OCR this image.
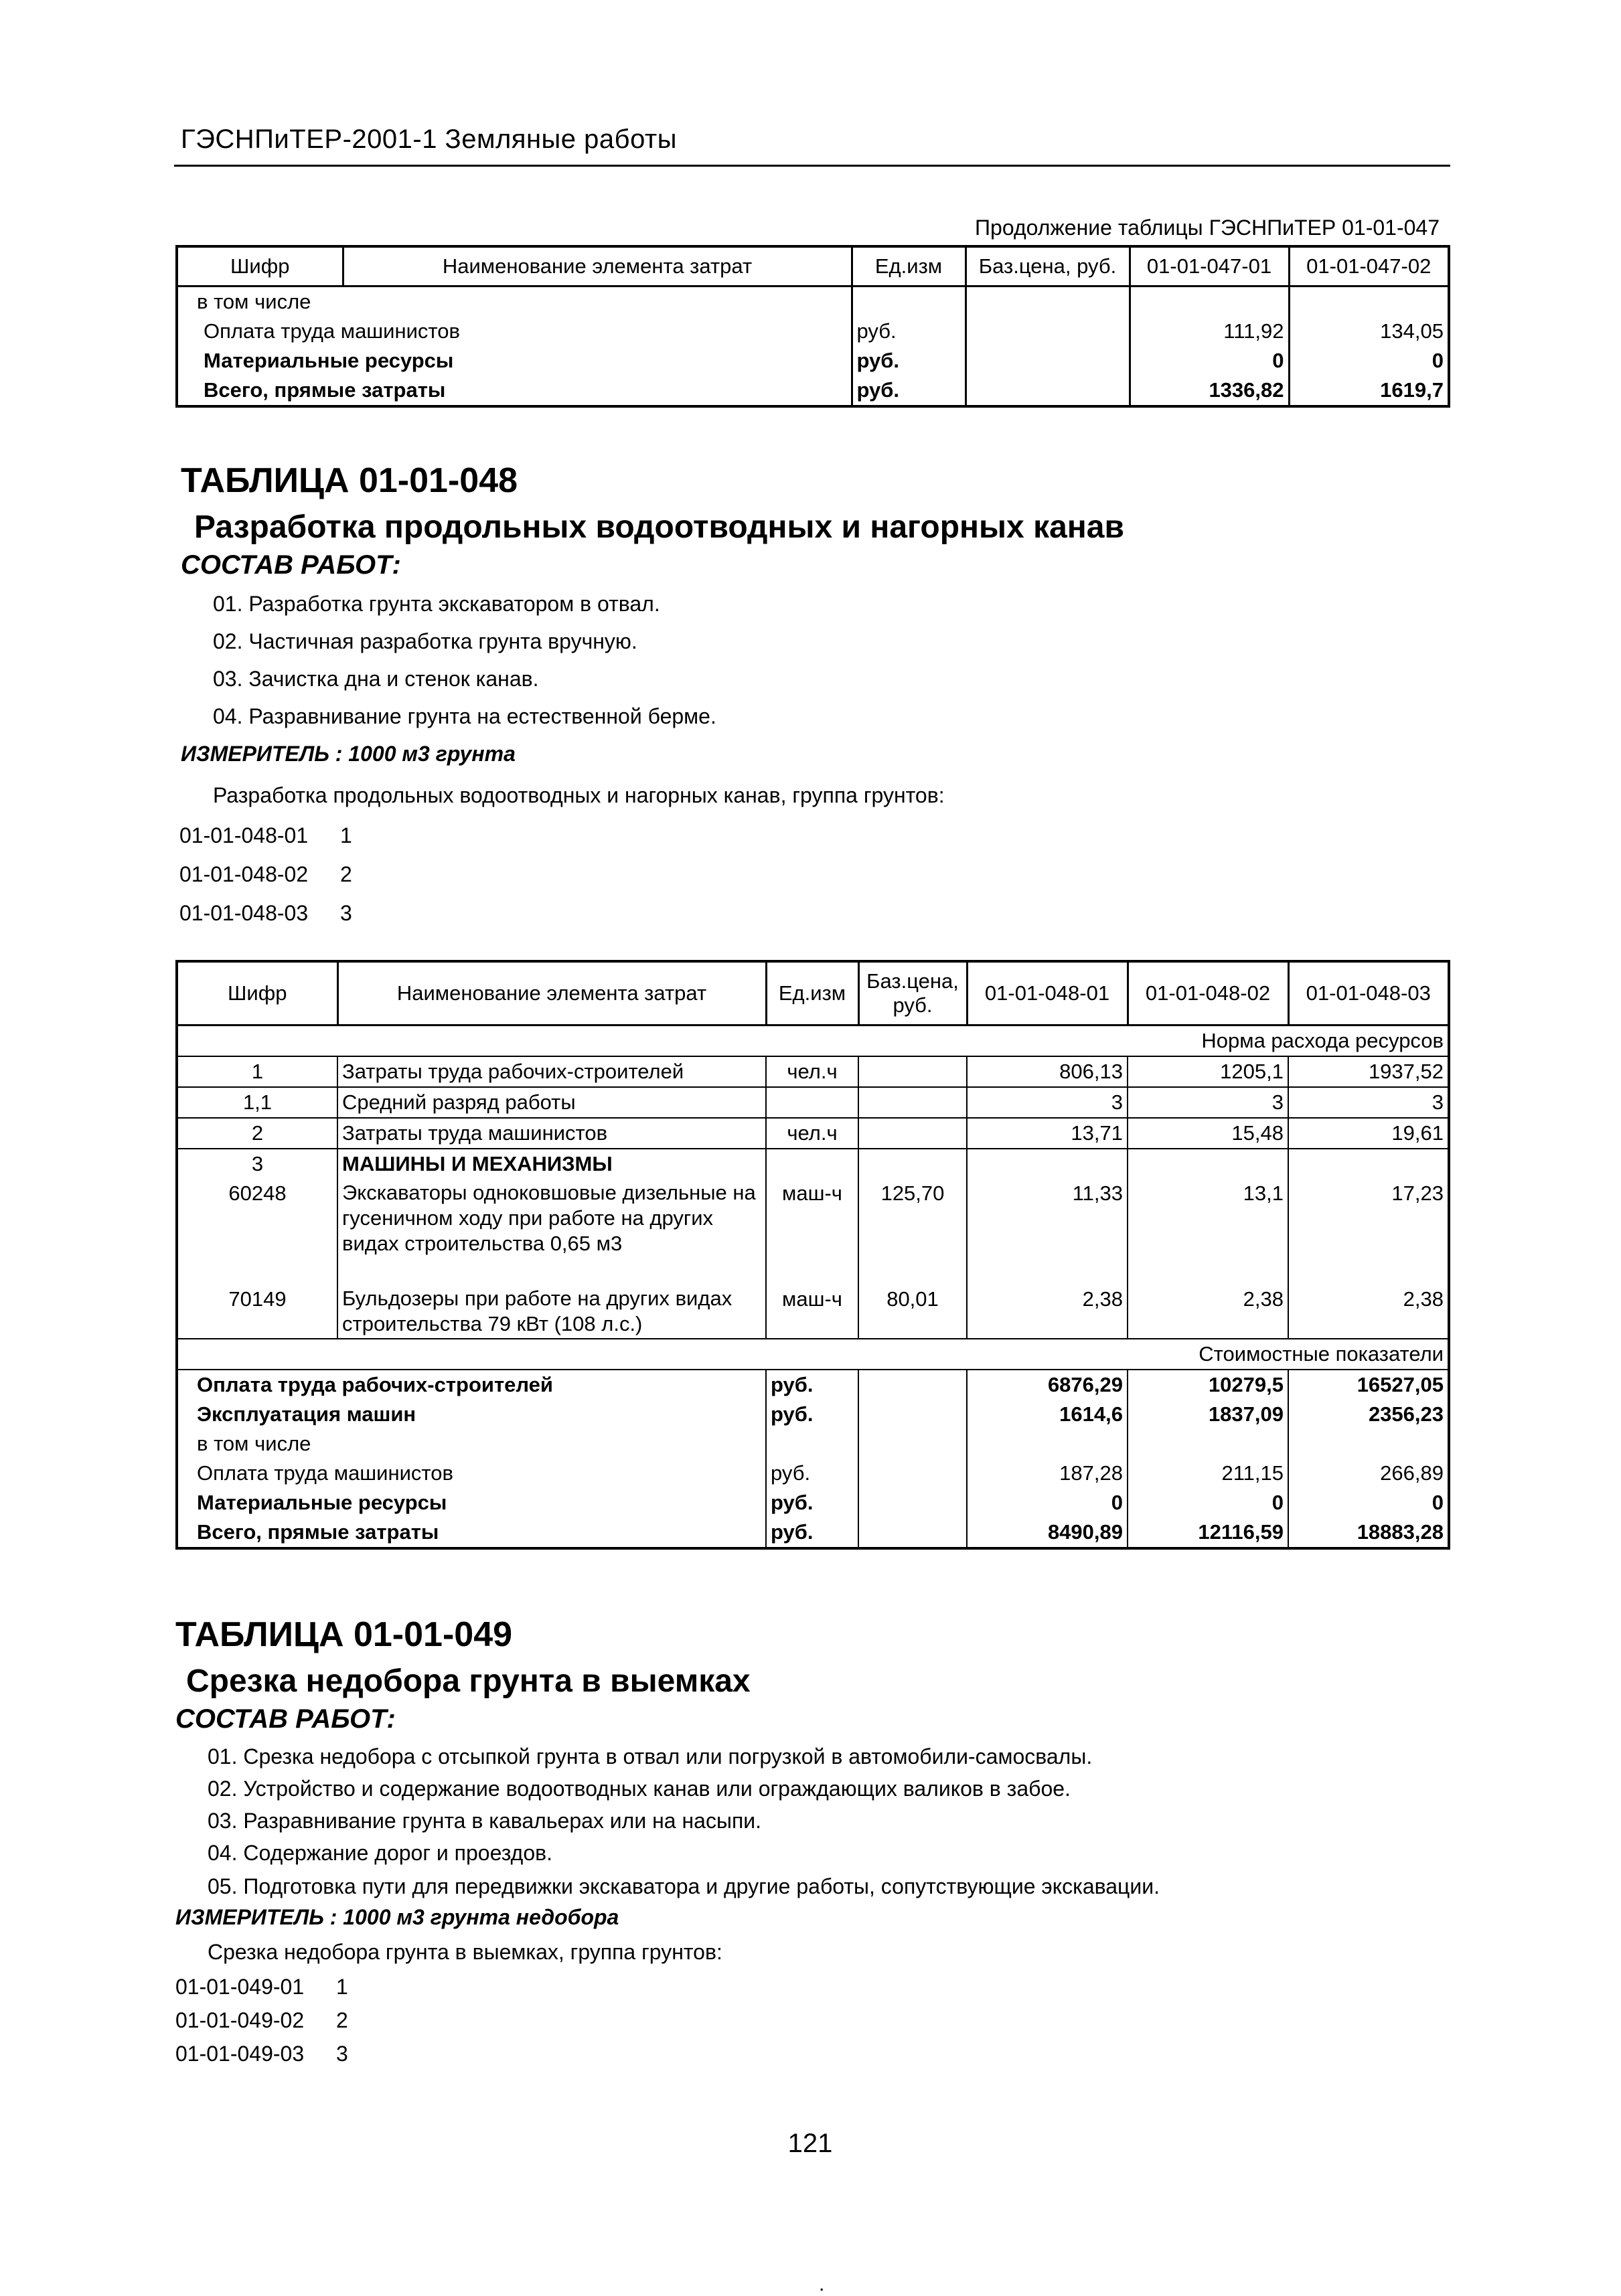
ГЭСНПиТЕР-2001-1 Земляные работы
Продолжение таблицы ГЭСНПиТЕР 01-01-047
Шифр	Наименование элемента затрат	Ед.изм	Баз.цена, руб.	01-01-047-01	01-01-047-02
в том числе					
Оплата труда машинистов		руб.		111,92	134,05
Материальные ресурсы		руб.		0	0
Всего, прямые затраты		руб.		1336,82	1619,7
ТАБЛИЦА 01-01-048
Разработка продольных водоотводных и нагорных канав
СОСТАВ РАБОТ:
01. Разработка грунта экскаватором в отвал.
02. Частичная разработка грунта вручную.
03. Зачистка дна и стенок канав.
04. Разравнивание грунта на естественной берме.
ИЗМЕРИТЕЛЬ : 1000 м3 грунта
Разработка продольных водоотводных и нагорных канав, группа грунтов:
01-01-048-01 1
01-01-048-02 2
01-01-048-03 3
Шифр	Наименование элемента затрат	Ед.изм	Баз.цена, руб.	01-01-048-01	01-01-048-02	01-01-048-03
Норма расхода ресурсов						
1	Затраты труда рабочих-строителей	чел.ч		806,13	1205,1	1937,52
1,1	Средний разряд работы			3	3	3
2	Затраты труда машинистов	чел.ч		13,71	15,48	19,61
3	МАШИНЫ И МЕХАНИЗМЫ					
60248	Экскаваторы одноковшовые дизельные на гусеничном ходу при работе на других видах строительства 0,65 м3	маш-ч	125,70	11,33	13,1	17,23
70149	Бульдозеры при работе на других видах строительства 79 кВт (108 л.с.)	маш-ч	80,01	2,38	2,38	2,38
Стоимостные показатели						
Оплата труда рабочих-строителей		руб.		6876,29	10279,5	16527,05
Эксплуатация машин		руб.		1614,6	1837,09	2356,23
в том числе						
Оплата труда машинистов		руб.		187,28	211,15	266,89
Материальные ресурсы		руб.		0	0	0
Всего, прямые затраты		руб.		8490,89	12116,59	18883,28
ТАБЛИЦА 01-01-049
Срезка недобора грунта в выемках
СОСТАВ РАБОТ:
01. Срезка недобора с отсыпкой грунта в отвал или погрузкой в автомобили-самосвалы.
02. Устройство и содержание водоотводных канав или ограждающих валиков в забое.
03. Разравнивание грунта в кавальерах или на насыпи.
04. Содержание дорог и проездов.
05. Подготовка пути для передвижки экскаватора и другие работы, сопутствующие экскавации.
ИЗМЕРИТЕЛЬ : 1000 м3 грунта недобора
Срезка недобора грунта в выемках, группа грунтов:
01-01-049-01 1
01-01-049-02 2
01-01-049-03 3
121
.
